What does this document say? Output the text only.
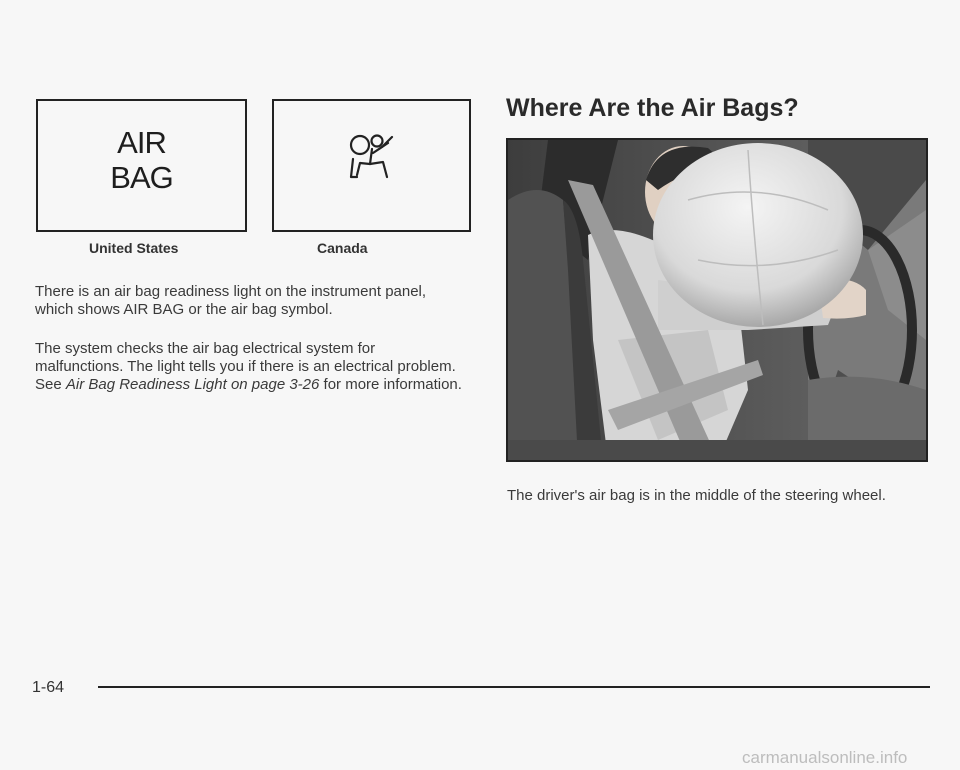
AIR
BAG
United States	Canada

There is an air bag readiness light on the instrument panel, which shows AIR BAG or the air bag symbol.

The system checks the air bag electrical system for malfunctions. The light tells you if there is an electrical problem. See Air Bag Readiness Light on page 3-26 for more information.

Where Are the Air Bags?

The driver's air bag is in the middle of the steering wheel.

1-64
carmanualsonline.info
